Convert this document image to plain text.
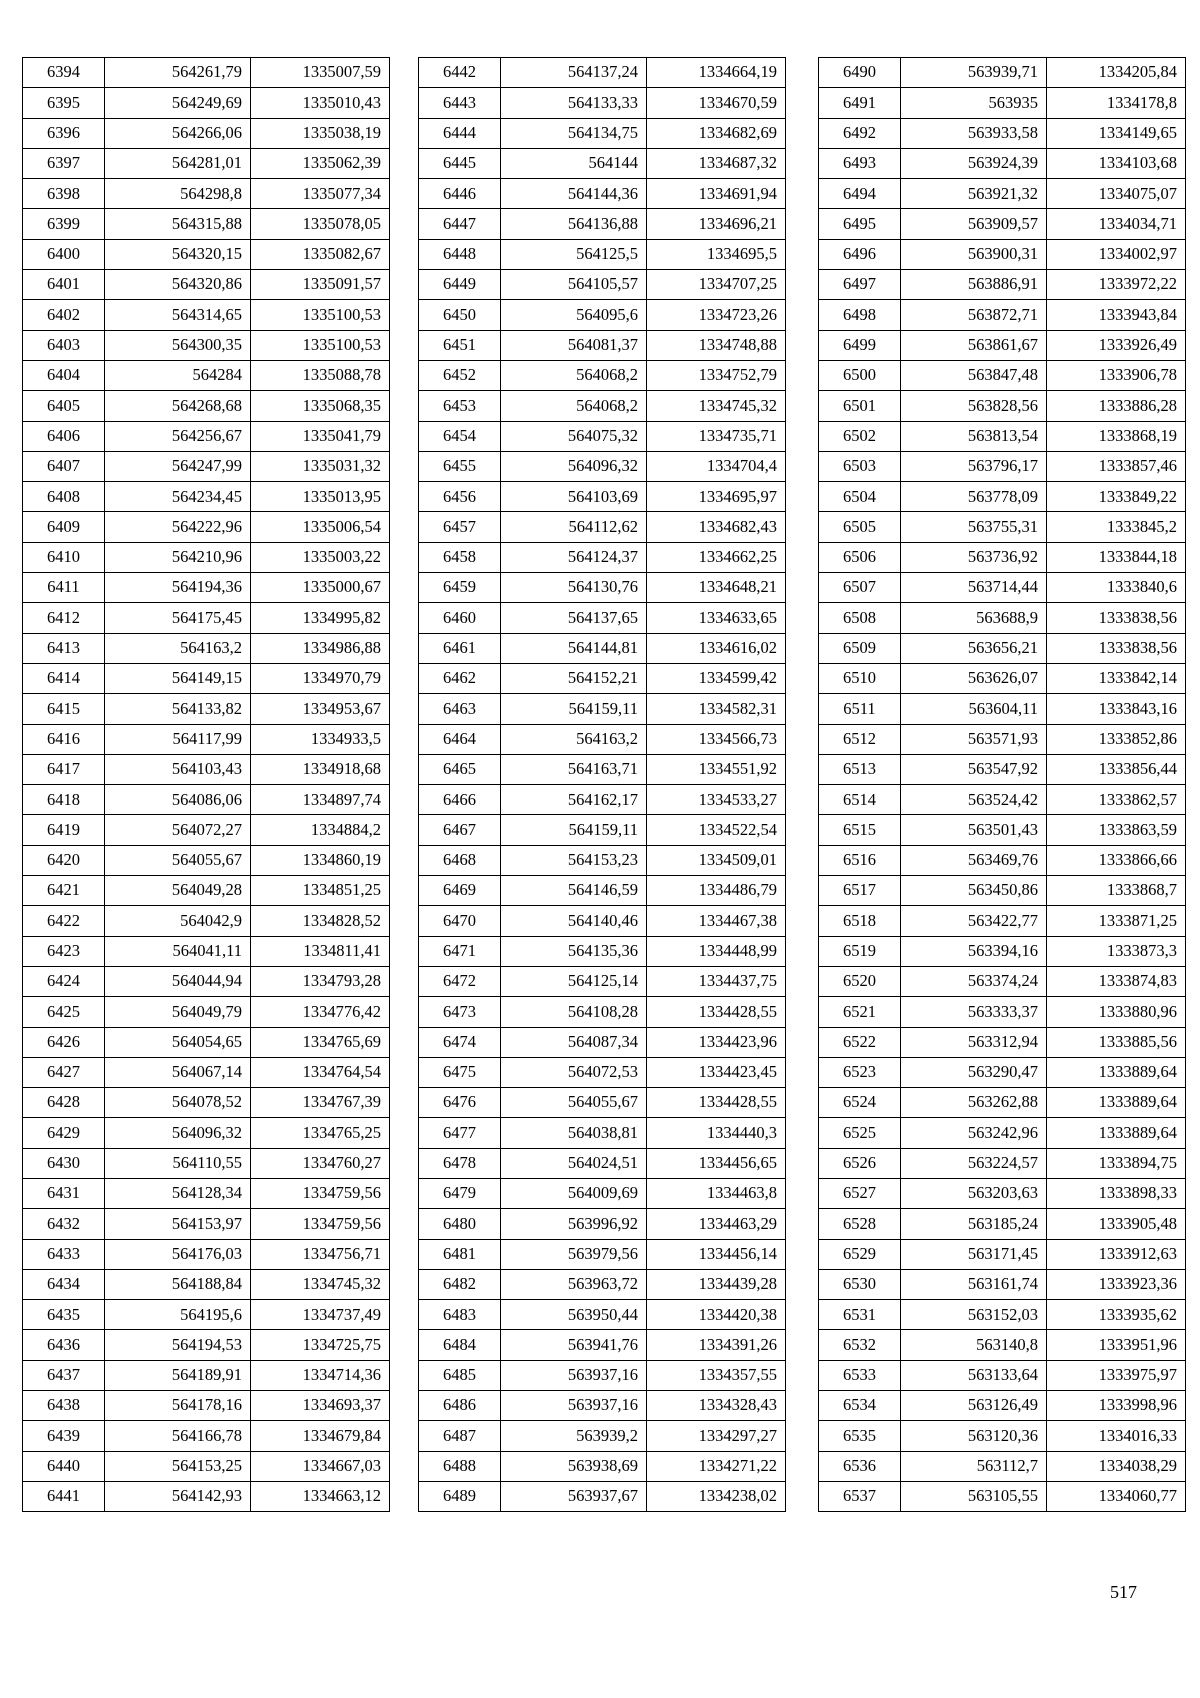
6394	564261,79	1335007,59
6395	564249,69	1335010,43
6396	564266,06	1335038,19
6397	564281,01	1335062,39
6398	564298,8	1335077,34
6399	564315,88	1335078,05
6400	564320,15	1335082,67
6401	564320,86	1335091,57
6402	564314,65	1335100,53
6403	564300,35	1335100,53
6404	564284	1335088,78
6405	564268,68	1335068,35
6406	564256,67	1335041,79
6407	564247,99	1335031,32
6408	564234,45	1335013,95
6409	564222,96	1335006,54
6410	564210,96	1335003,22
6411	564194,36	1335000,67
6412	564175,45	1334995,82
6413	564163,2	1334986,88
6414	564149,15	1334970,79
6415	564133,82	1334953,67
6416	564117,99	1334933,5
6417	564103,43	1334918,68
6418	564086,06	1334897,74
6419	564072,27	1334884,2
6420	564055,67	1334860,19
6421	564049,28	1334851,25
6422	564042,9	1334828,52
6423	564041,11	1334811,41
6424	564044,94	1334793,28
6425	564049,79	1334776,42
6426	564054,65	1334765,69
6427	564067,14	1334764,54
6428	564078,52	1334767,39
6429	564096,32	1334765,25
6430	564110,55	1334760,27
6431	564128,34	1334759,56
6432	564153,97	1334759,56
6433	564176,03	1334756,71
6434	564188,84	1334745,32
6435	564195,6	1334737,49
6436	564194,53	1334725,75
6437	564189,91	1334714,36
6438	564178,16	1334693,37
6439	564166,78	1334679,84
6440	564153,25	1334667,03
6441	564142,93	1334663,12
6442	564137,24	1334664,19
6443	564133,33	1334670,59
6444	564134,75	1334682,69
6445	564144	1334687,32
6446	564144,36	1334691,94
6447	564136,88	1334696,21
6448	564125,5	1334695,5
6449	564105,57	1334707,25
6450	564095,6	1334723,26
6451	564081,37	1334748,88
6452	564068,2	1334752,79
6453	564068,2	1334745,32
6454	564075,32	1334735,71
6455	564096,32	1334704,4
6456	564103,69	1334695,97
6457	564112,62	1334682,43
6458	564124,37	1334662,25
6459	564130,76	1334648,21
6460	564137,65	1334633,65
6461	564144,81	1334616,02
6462	564152,21	1334599,42
6463	564159,11	1334582,31
6464	564163,2	1334566,73
6465	564163,71	1334551,92
6466	564162,17	1334533,27
6467	564159,11	1334522,54
6468	564153,23	1334509,01
6469	564146,59	1334486,79
6470	564140,46	1334467,38
6471	564135,36	1334448,99
6472	564125,14	1334437,75
6473	564108,28	1334428,55
6474	564087,34	1334423,96
6475	564072,53	1334423,45
6476	564055,67	1334428,55
6477	564038,81	1334440,3
6478	564024,51	1334456,65
6479	564009,69	1334463,8
6480	563996,92	1334463,29
6481	563979,56	1334456,14
6482	563963,72	1334439,28
6483	563950,44	1334420,38
6484	563941,76	1334391,26
6485	563937,16	1334357,55
6486	563937,16	1334328,43
6487	563939,2	1334297,27
6488	563938,69	1334271,22
6489	563937,67	1334238,02
6490	563939,71	1334205,84
6491	563935	1334178,8
6492	563933,58	1334149,65
6493	563924,39	1334103,68
6494	563921,32	1334075,07
6495	563909,57	1334034,71
6496	563900,31	1334002,97
6497	563886,91	1333972,22
6498	563872,71	1333943,84
6499	563861,67	1333926,49
6500	563847,48	1333906,78
6501	563828,56	1333886,28
6502	563813,54	1333868,19
6503	563796,17	1333857,46
6504	563778,09	1333849,22
6505	563755,31	1333845,2
6506	563736,92	1333844,18
6507	563714,44	1333840,6
6508	563688,9	1333838,56
6509	563656,21	1333838,56
6510	563626,07	1333842,14
6511	563604,11	1333843,16
6512	563571,93	1333852,86
6513	563547,92	1333856,44
6514	563524,42	1333862,57
6515	563501,43	1333863,59
6516	563469,76	1333866,66
6517	563450,86	1333868,7
6518	563422,77	1333871,25
6519	563394,16	1333873,3
6520	563374,24	1333874,83
6521	563333,37	1333880,96
6522	563312,94	1333885,56
6523	563290,47	1333889,64
6524	563262,88	1333889,64
6525	563242,96	1333889,64
6526	563224,57	1333894,75
6527	563203,63	1333898,33
6528	563185,24	1333905,48
6529	563171,45	1333912,63
6530	563161,74	1333923,36
6531	563152,03	1333935,62
6532	563140,8	1333951,96
6533	563133,64	1333975,97
6534	563126,49	1333998,96
6535	563120,36	1334016,33
6536	563112,7	1334038,29
6537	563105,55	1334060,77
517
